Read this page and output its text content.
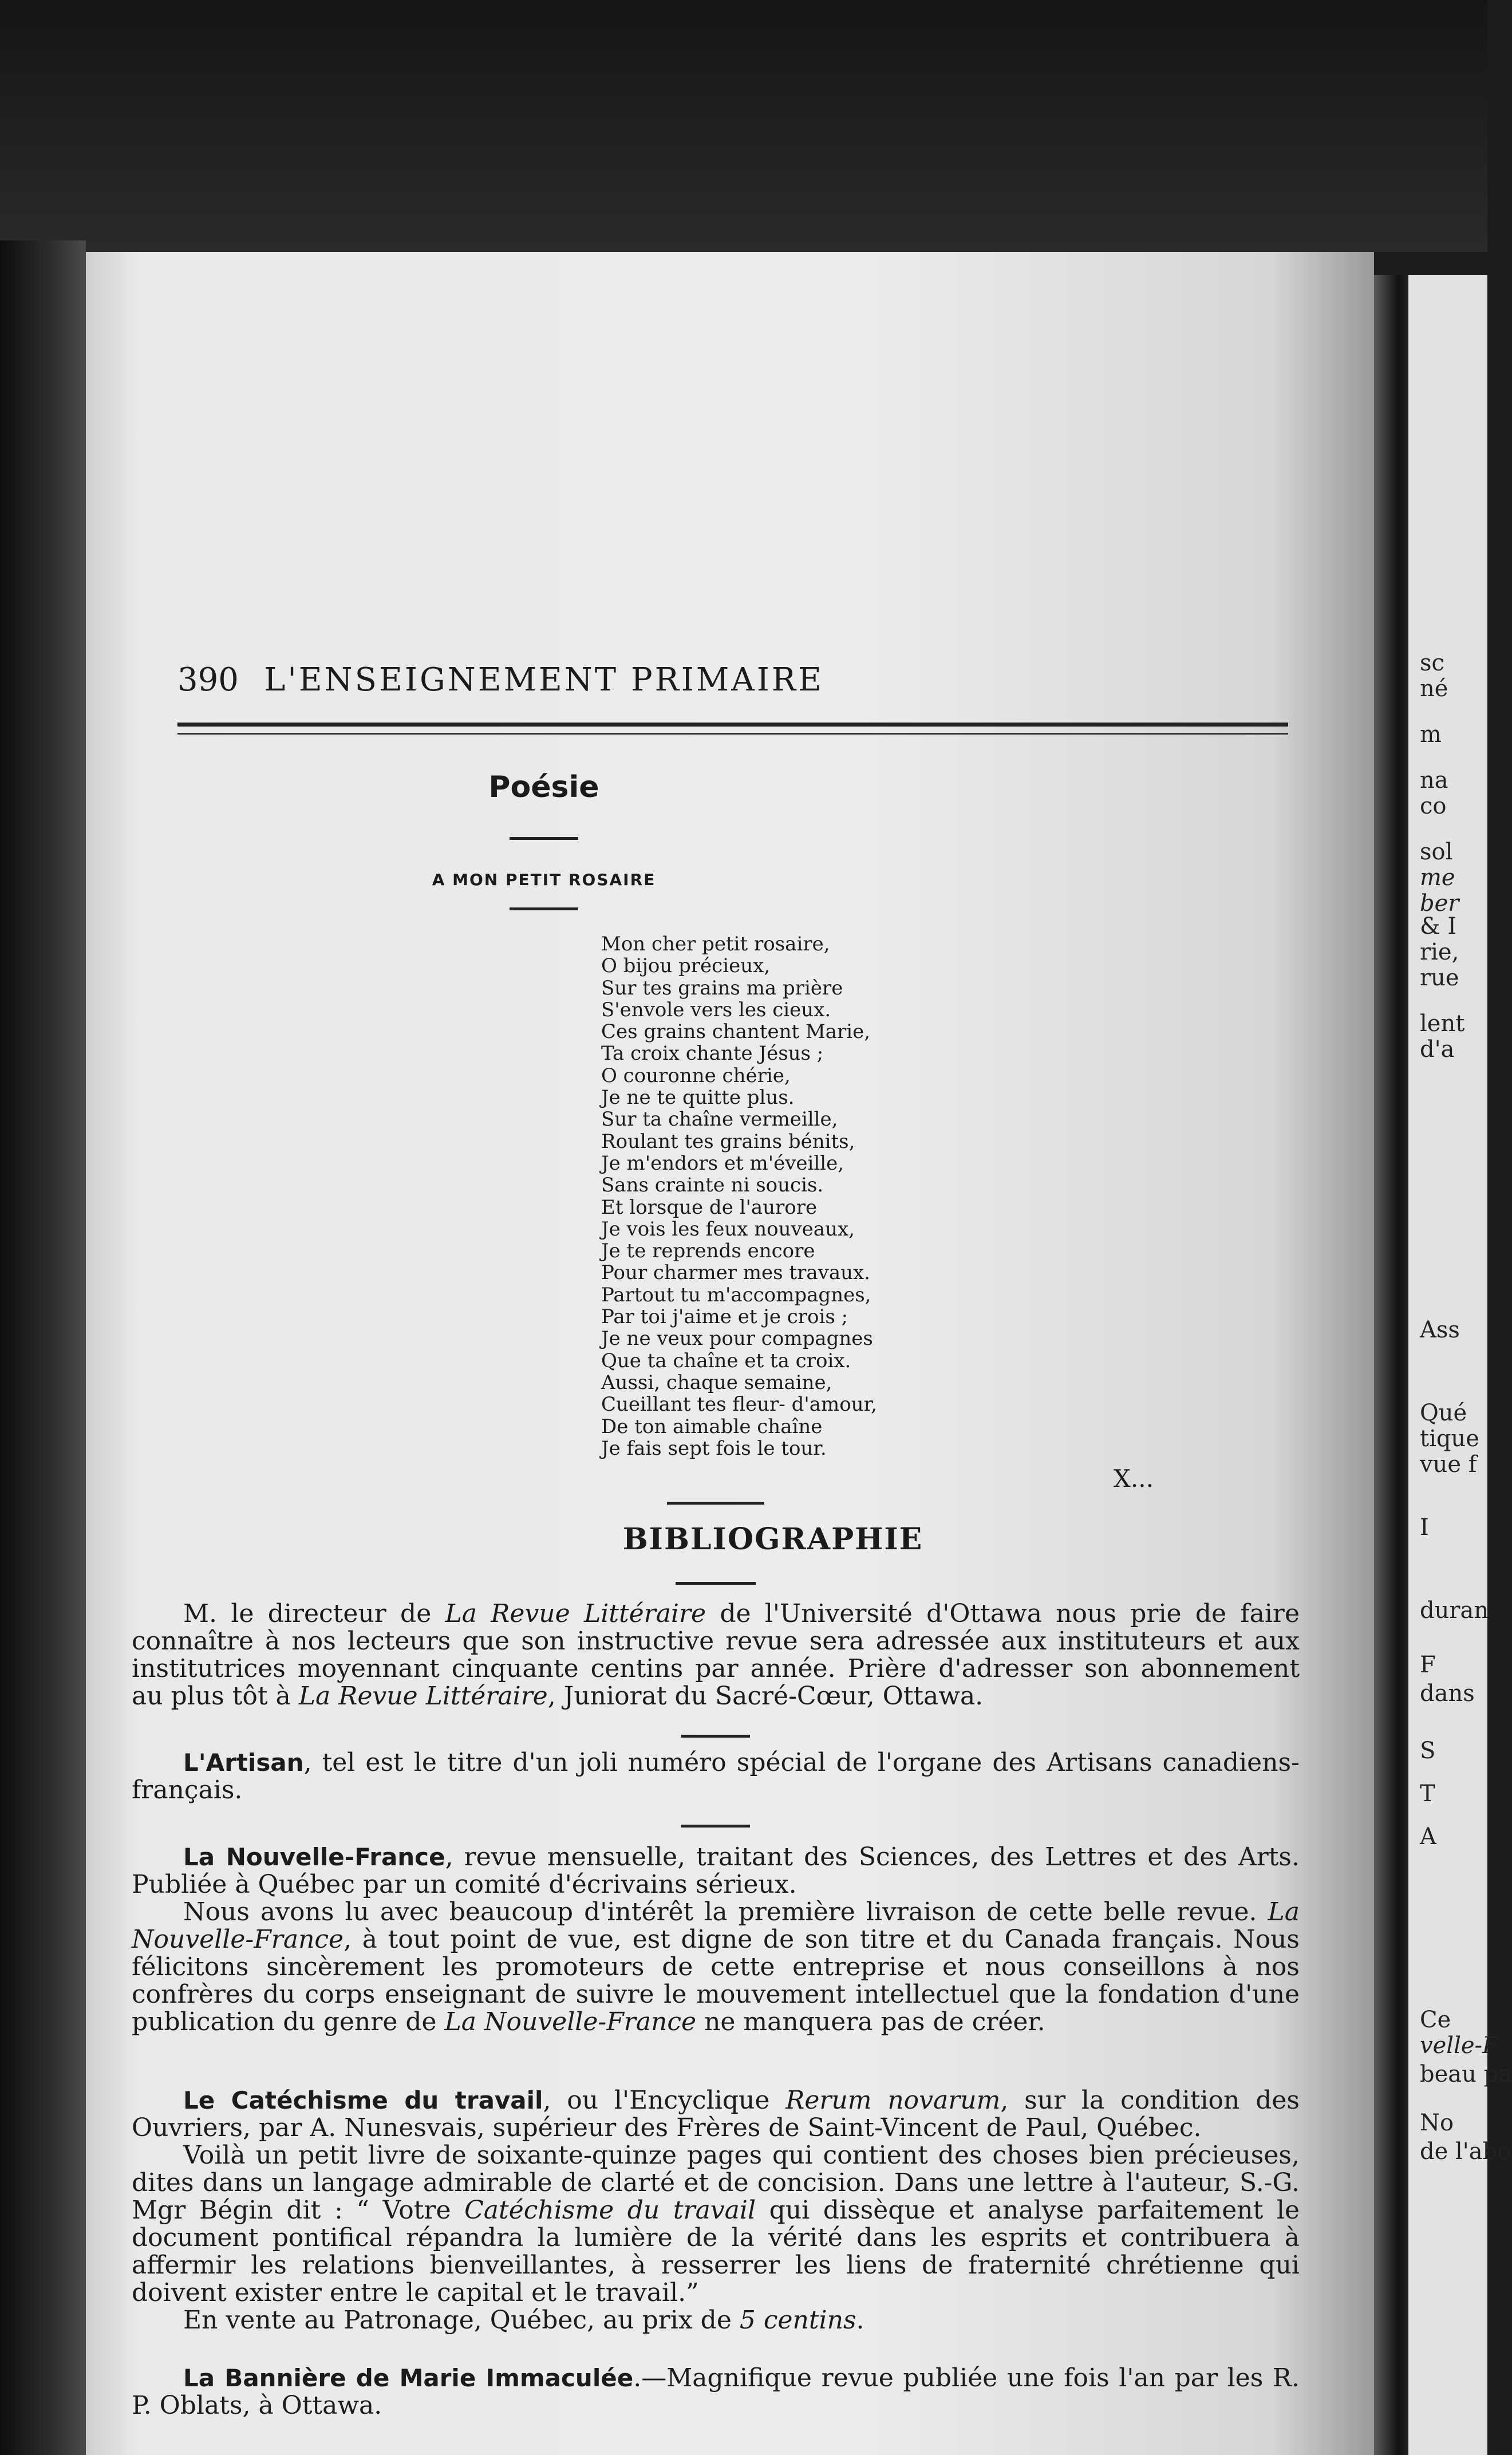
390 L'ENSEIGNEMENT PRIMAIRE
Poésie
A MON PETIT ROSAIRE
Mon cher petit rosaire,
O bijou précieux,
Sur tes grains ma prière
S'envole vers les cieux.
Ces grains chantent Marie,
Ta croix chante Jésus ;
O couronne chérie,
Je ne te quitte plus.
Sur ta chaîne vermeille,
Roulant tes grains bénits,
Je m'endors et m'éveille,
Sans crainte ni soucis.
Et lorsque de l'aurore
Je vois les feux nouveaux,
Je te reprends encore
Pour charmer mes travaux.
Partout tu m'accompagnes,
Par toi j'aime et je crois ;
Je ne veux pour compagnes
Que ta chaîne et ta croix.
Aussi, chaque semaine,
Cueillant tes fleur- d'amour,
De ton aimable chaîne
Je fais sept fois le tour.
X...
BIBLIOGRAPHIE

M. le directeur de La Revue Littéraire de l'Université d'Ottawa nous prie de faire connaître à nos lecteurs que son instructive revue sera adressée aux instituteurs et aux institutrices moyennant cinquante centins par année. Prière d'adresser son abonnement au plus tôt à La Revue Littéraire, Juniorat du Sacré-Cœur, Ottawa.

L'Artisan, tel est le titre d'un joli numéro spécial de l'organe des Artisans canadiens-français.

La Nouvelle-France, revue mensuelle, traitant des Sciences, des Lettres et des Arts. Publiée à Québec par un comité d'écrivains sérieux.

Nous avons lu avec beaucoup d'intérêt la première livraison de cette belle revue. La Nouvelle-France, à tout point de vue, est digne de son titre et du Canada français. Nous félicitons sincèrement les promoteurs de cette entreprise et nous conseillons à nos confrères du corps enseignant de suivre le mouvement intellectuel que la fondation d'une publication du genre de La Nouvelle-France ne manquera pas de créer.

Le Catéchisme du travail, ou l'Encyclique Rerum novarum, sur la condition des Ouvriers, par A. Nunesvais, supérieur des Frères de Saint-Vincent de Paul, Québec.

Voilà un petit livre de soixante-quinze pages qui contient des choses bien précieuses, dites dans un langage admirable de clarté et de concision. Dans une lettre à l'auteur, S.-G. Mgr Bégin dit : “ Votre Catéchisme du travail qui dissèque et analyse parfaitement le document pontifical répandra la lumière de la vérité dans les esprits et contribuera à affermir les relations bienveillantes, à resserrer les liens de fraternité chrétienne qui doivent exister entre le capital et le travail.”

En vente au Patronage, Québec, au prix de 5 centins.

La Bannière de Marie Immaculée.—Magnifique revue publiée une fois l'an par les R. P. Oblats, à Ottawa.

sc
né
m
na
co
sol
me
ber
& I
rie,
rue
lent
d'a
Ass
Qué
tique
vue f
I
duran
F
dans
S
T
A
Ce
velle-F
beau pa
No
de l'abo
